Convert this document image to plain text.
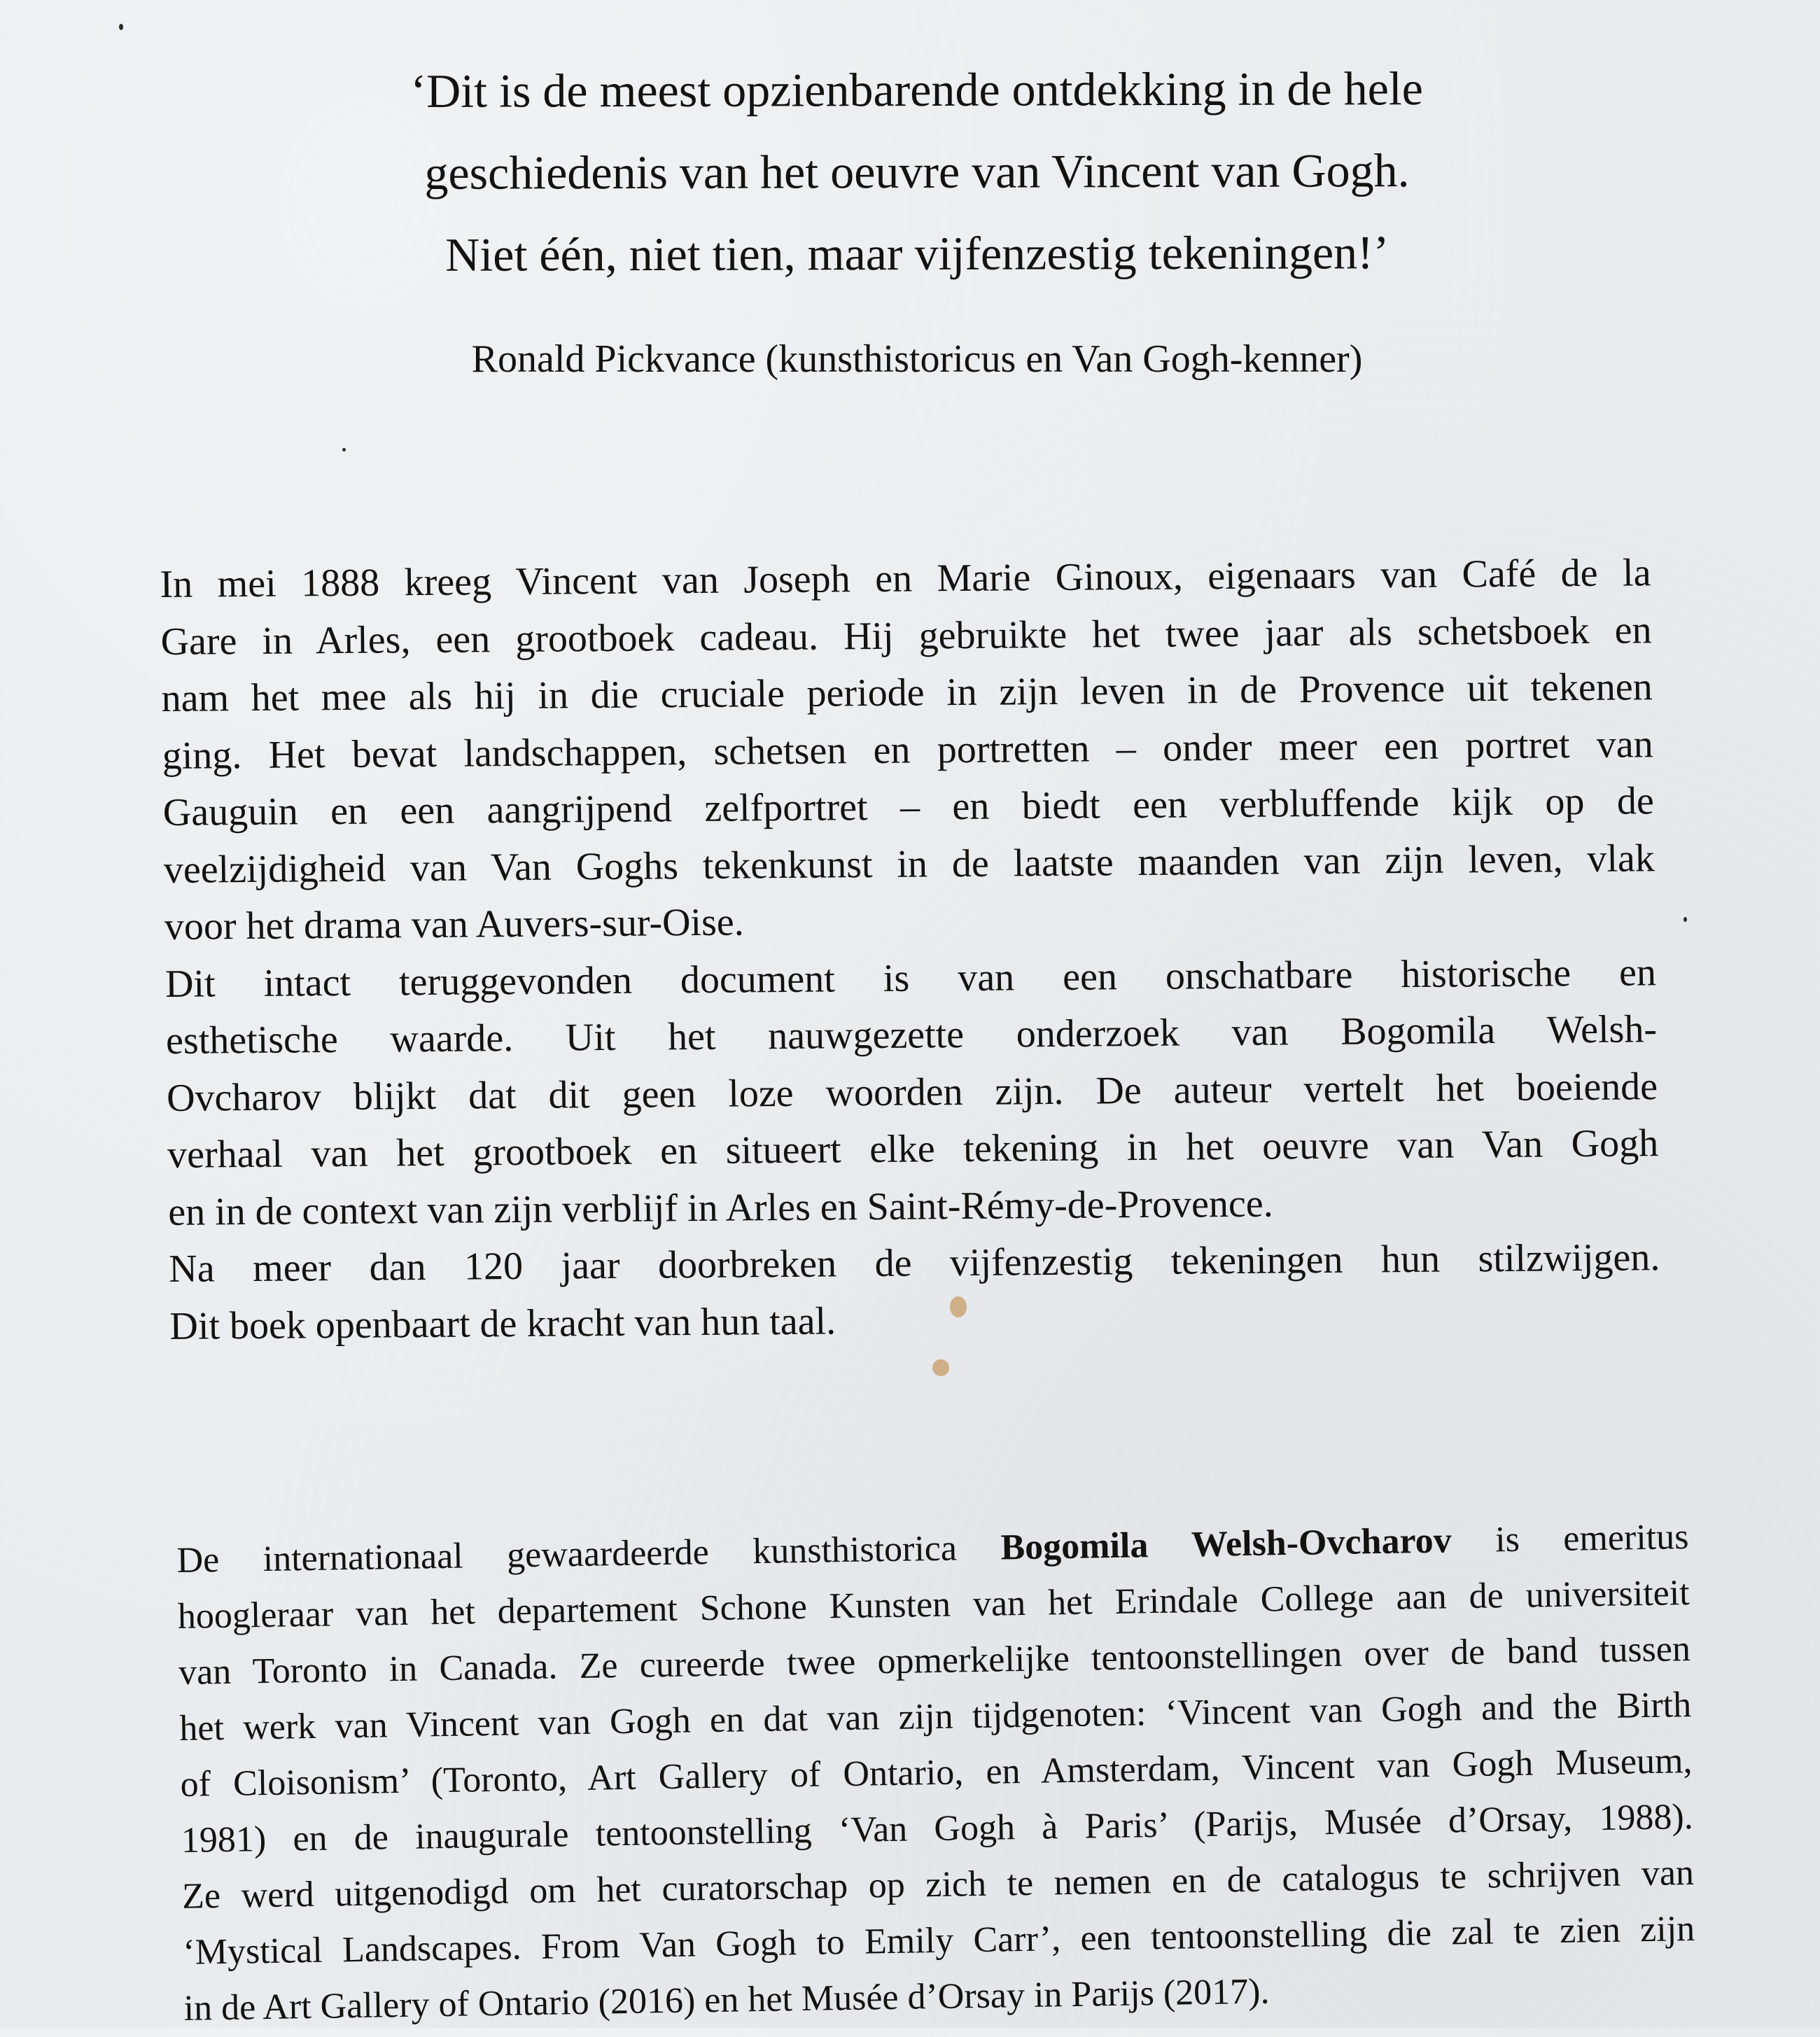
‘Dit is de meest opzienbarende ontdekking in de hele
geschiedenis van het oeuvre van Vincent van Gogh.
Niet één, niet tien, maar vijfenzestig tekeningen!’

Ronald Pickvance (kunsthistoricus en Van Gogh-kenner)

In mei 1888 kreeg Vincent van Joseph en Marie Ginoux, eigenaars van Café de la
Gare in Arles, een grootboek cadeau. Hij gebruikte het twee jaar als schetsboek en
nam het mee als hij in die cruciale periode in zijn leven in de Provence uit tekenen
ging. Het bevat landschappen, schetsen en portretten – onder meer een portret van
Gauguin en een aangrijpend zelfportret – en biedt een verbluffende kijk op de
veelzijdigheid van Van Goghs tekenkunst in de laatste maanden van zijn leven, vlak
voor het drama van Auvers-sur-Oise.
Dit intact teruggevonden document is van een onschatbare historische en
esthetische waarde. Uit het nauwgezette onderzoek van Bogomila Welsh-
Ovcharov blijkt dat dit geen loze woorden zijn. De auteur vertelt het boeiende
verhaal van het grootboek en situeert elke tekening in het oeuvre van Van Gogh
en in de context van zijn verblijf in Arles en Saint-Rémy-de-Provence.
Na meer dan 120 jaar doorbreken de vijfenzestig tekeningen hun stilzwijgen.
Dit boek openbaart de kracht van hun taal.
De internationaal gewaardeerde kunsthistorica Bogomila Welsh-Ovcharov is emeritus
hoogleraar van het departement Schone Kunsten van het Erindale College aan de universiteit
van Toronto in Canada. Ze cureerde twee opmerkelijke tentoonstellingen over de band tussen
het werk van Vincent van Gogh en dat van zijn tijdgenoten: ‘Vincent van Gogh and the Birth
of Cloisonism’ (Toronto, Art Gallery of Ontario, en Amsterdam, Vincent van Gogh Museum,
1981) en de inaugurale tentoonstelling ‘Van Gogh à Paris’ (Parijs, Musée d’Orsay, 1988).
Ze werd uitgenodigd om het curatorschap op zich te nemen en de catalogus te schrijven van
‘Mystical Landscapes. From Van Gogh to Emily Carr’, een tentoonstelling die zal te zien zijn
in de Art Gallery of Ontario (2016) en het Musée d’Orsay in Parijs (2017).
